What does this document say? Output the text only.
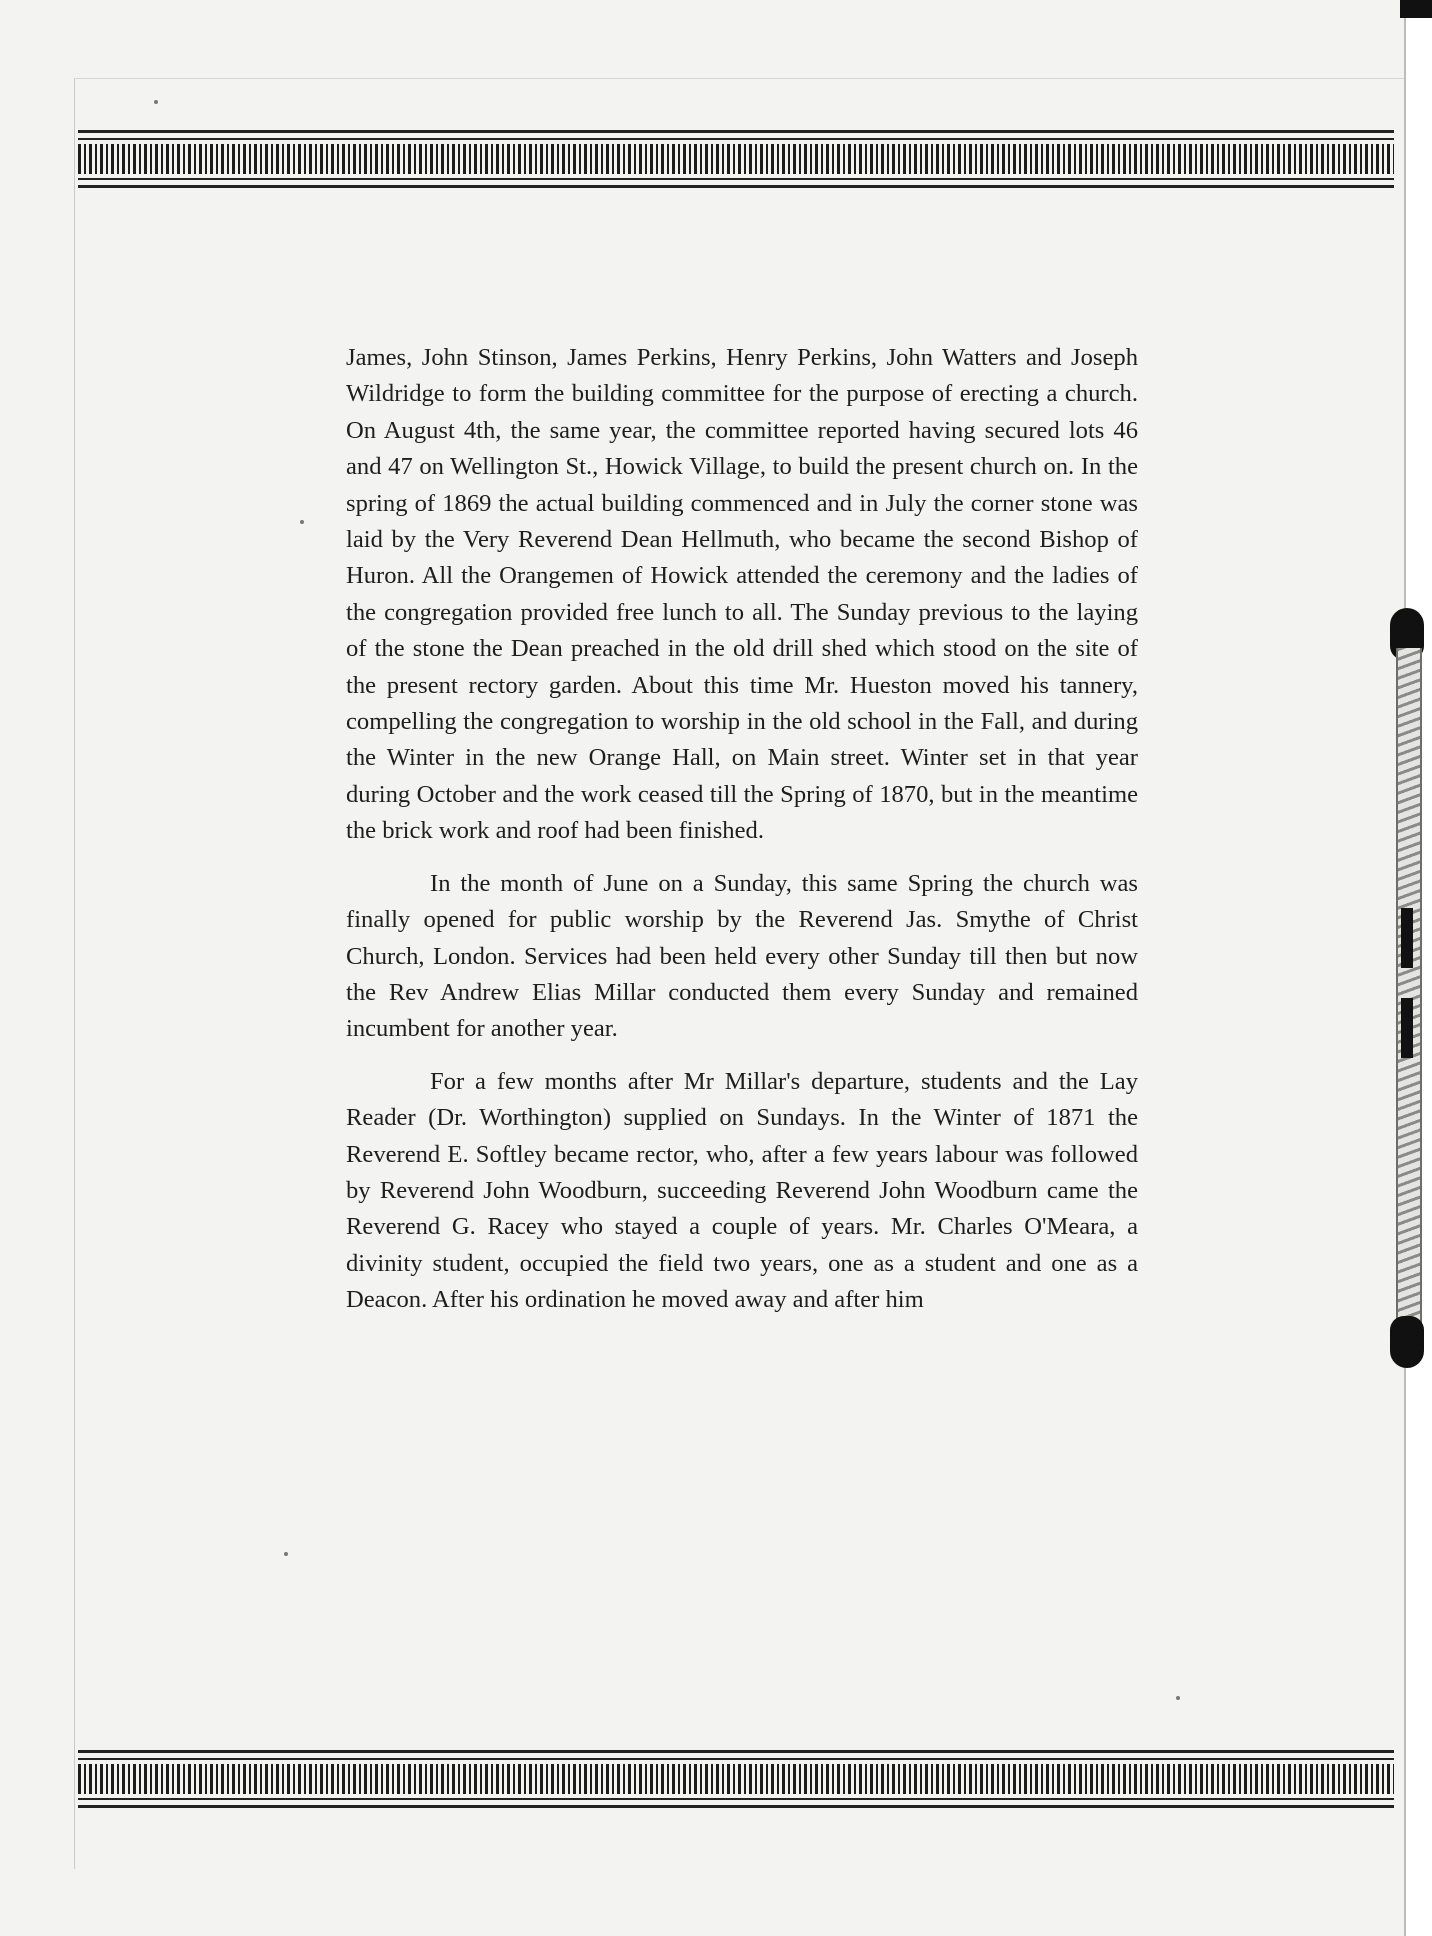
James, John Stinson, James Perkins, Henry Perkins, John Watters and Joseph Wildridge to form the building committee for the purpose of erecting a church. On August 4th, the same year, the committee reported having secured lots 46 and 47 on Wellington St., Howick Village, to build the present church on. In the spring of 1869 the actual building commenced and in July the corner stone was laid by the Very Reverend Dean Hellmuth, who became the second Bishop of Huron. All the Orangemen of Howick attended the ceremony and the ladies of the congregation provided free lunch to all. The Sunday previous to the laying of the stone the Dean preached in the old drill shed which stood on the site of the present rectory garden. About this time Mr. Hueston moved his tannery, compelling the congregation to worship in the old school in the Fall, and during the Winter in the new Orange Hall, on Main street. Winter set in that year during October and the work ceased till the Spring of 1870, but in the meantime the brick work and roof had been finished.

In the month of June on a Sunday, this same Spring the church was finally opened for public worship by the Reverend Jas. Smythe of Christ Church, London. Services had been held every other Sunday till then but now the Rev Andrew Elias Millar conducted them every Sunday and remained incumbent for another year.

For a few months after Mr Millar's departure, students and the Lay Reader (Dr. Worthington) supplied on Sundays. In the Winter of 1871 the Reverend E. Softley became rector, who, after a few years labour was followed by Reverend John Woodburn, succeeding Reverend John Woodburn came the Reverend G. Racey who stayed a couple of years. Mr. Charles O'Meara, a divinity student, occupied the field two years, one as a student and one as a Deacon. After his ordination he moved away and after him
